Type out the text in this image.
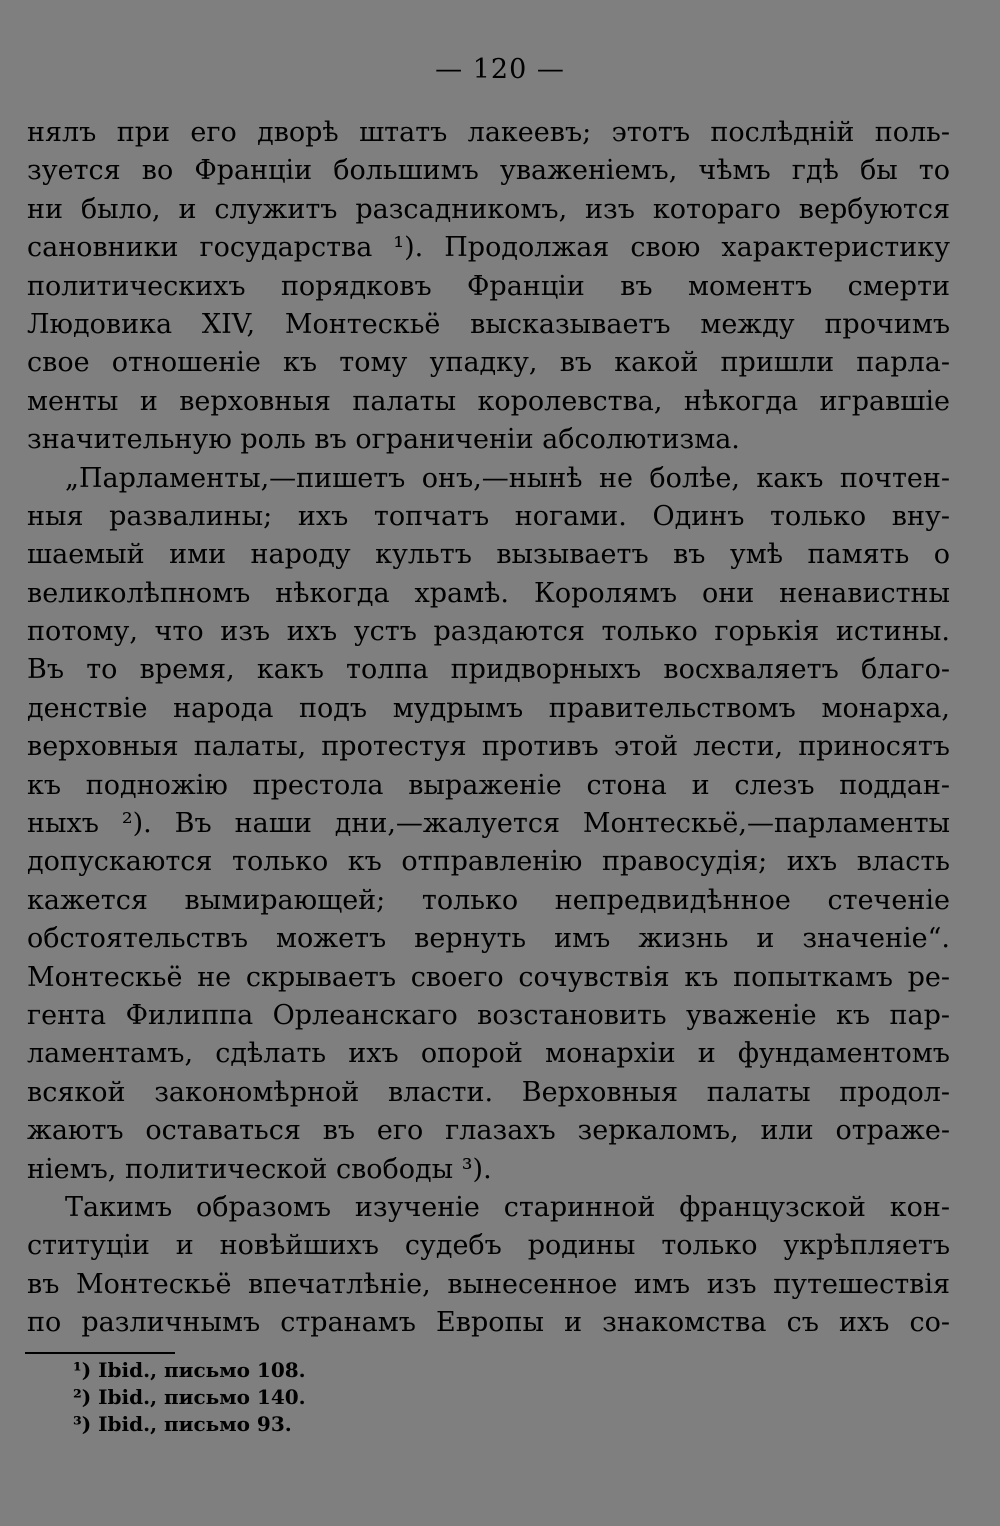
— 120 —
нялъ при его дворѣ штатъ лакеевъ; этотъ послѣднiй поль-
зуется во Францiи большимъ уваженiемъ, чѣмъ гдѣ бы то
ни было, и служитъ разсадникомъ, изъ котораго вербуются
сановники государства ¹). Продолжая свою характеристику
политическихъ порядковъ Францiи въ моментъ смерти
Людовика XIV, Монтескьё высказываетъ между прочимъ
свое отношенiе къ тому упадку, въ какой пришли парла-
менты и верховныя палаты королевства, нѣкогда игравшiе
значительную роль въ ограниченiи абсолютизма.
„Парламенты,—пишетъ онъ,—нынѣ не болѣе, какъ почтен-
ныя развалины; ихъ топчатъ ногами. Одинъ только вну-
шаемый ими народу культъ вызываетъ въ умѣ память о
великолѣпномъ нѣкогда храмѣ. Королямъ они ненавистны
потому, что изъ ихъ устъ раздаются только горькiя истины.
Въ то время, какъ толпа придворныхъ восхваляетъ благо-
денствiе народа подъ мудрымъ правительствомъ монарха,
верховныя палаты, протестуя противъ этой лести, приносятъ
къ подножiю престола выраженiе стона и слезъ поддан-
ныхъ ²). Въ наши дни,—жалуется Монтескьё,—парламенты
допускаются только къ отправленiю правосудiя; ихъ власть
кажется вымирающей; только непредвидѣнное стеченiе
обстоятельствъ можетъ вернуть имъ жизнь и значенiе“.
Монтескьё не скрываетъ своего сочувствiя къ попыткамъ ре-
гента Филиппа Орлеанскаго возстановить уваженiе къ пар-
ламентамъ, сдѣлать ихъ опорой монархiи и фундаментомъ
всякой закономѣрной власти. Верховныя палаты продол-
жаютъ оставаться въ его глазахъ зеркаломъ, или отраже-
нiемъ, политической свободы ³).
Такимъ образомъ изученiе старинной французской кон-
ституцiи и новѣйшихъ судебъ родины только укрѣпляетъ
въ Монтескьё впечатлѣнiе, вынесенное имъ изъ путешествiя
по различнымъ странамъ Европы и знакомства съ ихъ со-
¹) Ibid., письмо 108.
²) Ibid., письмо 140.
³) Ibid., письмо 93.
